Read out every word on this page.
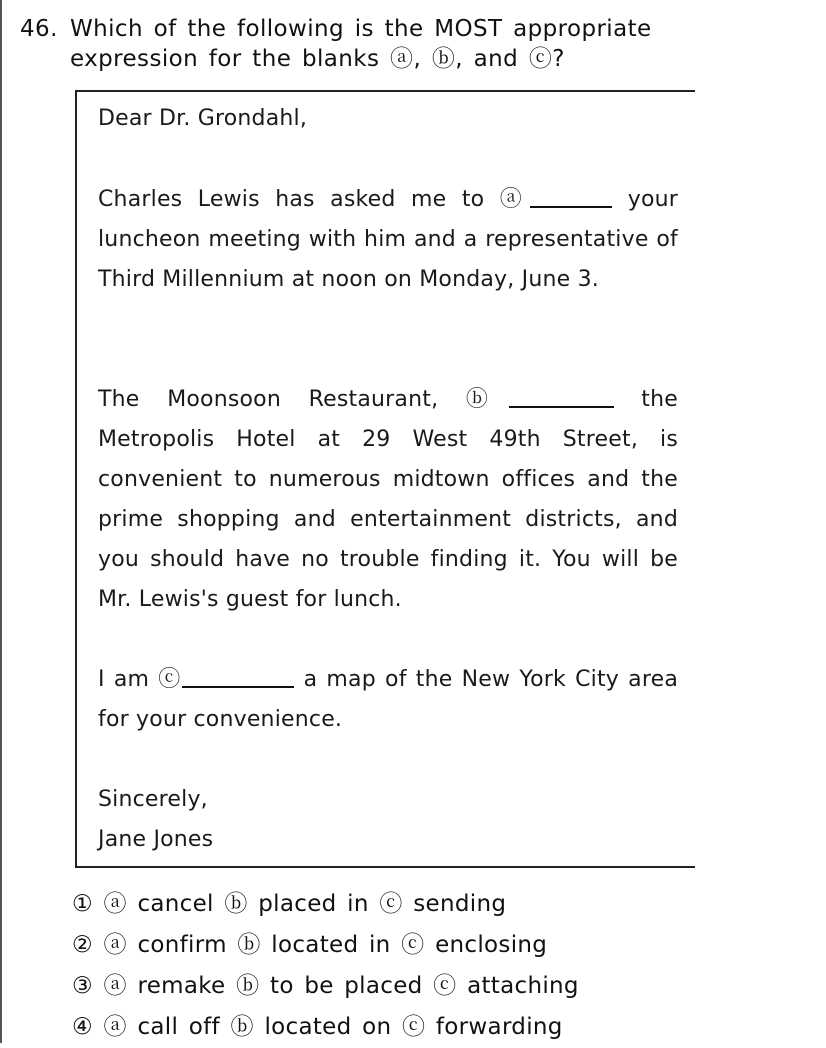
46. Which of the following is the MOST appropriate
expression for the blanks ⓐ, ⓑ, and ⓒ?
Dear Dr. Grondahl,
Charles Lewis has asked me to ⓐ	your luncheon meeting with him and a representative of Third Millennium at noon on Monday, June 3.
The Moonsoon Restaurant, ⓑ	the Metropolis Hotel at 29 West 49th Street, is convenient to numerous midtown offices and the prime shopping and entertainment districts, and you should have no trouble finding it. You will be Mr. Lewis's guest for lunch.
I am ⓒ	a map of the New York City area for your convenience.
Sincerely,
Jane Jones
① ⓐ cancel ⓑ placed in ⓒ sending
② ⓐ confirm ⓑ located in ⓒ enclosing
③ ⓐ remake ⓑ to be placed ⓒ attaching
④ ⓐ call off ⓑ located on ⓒ forwarding
